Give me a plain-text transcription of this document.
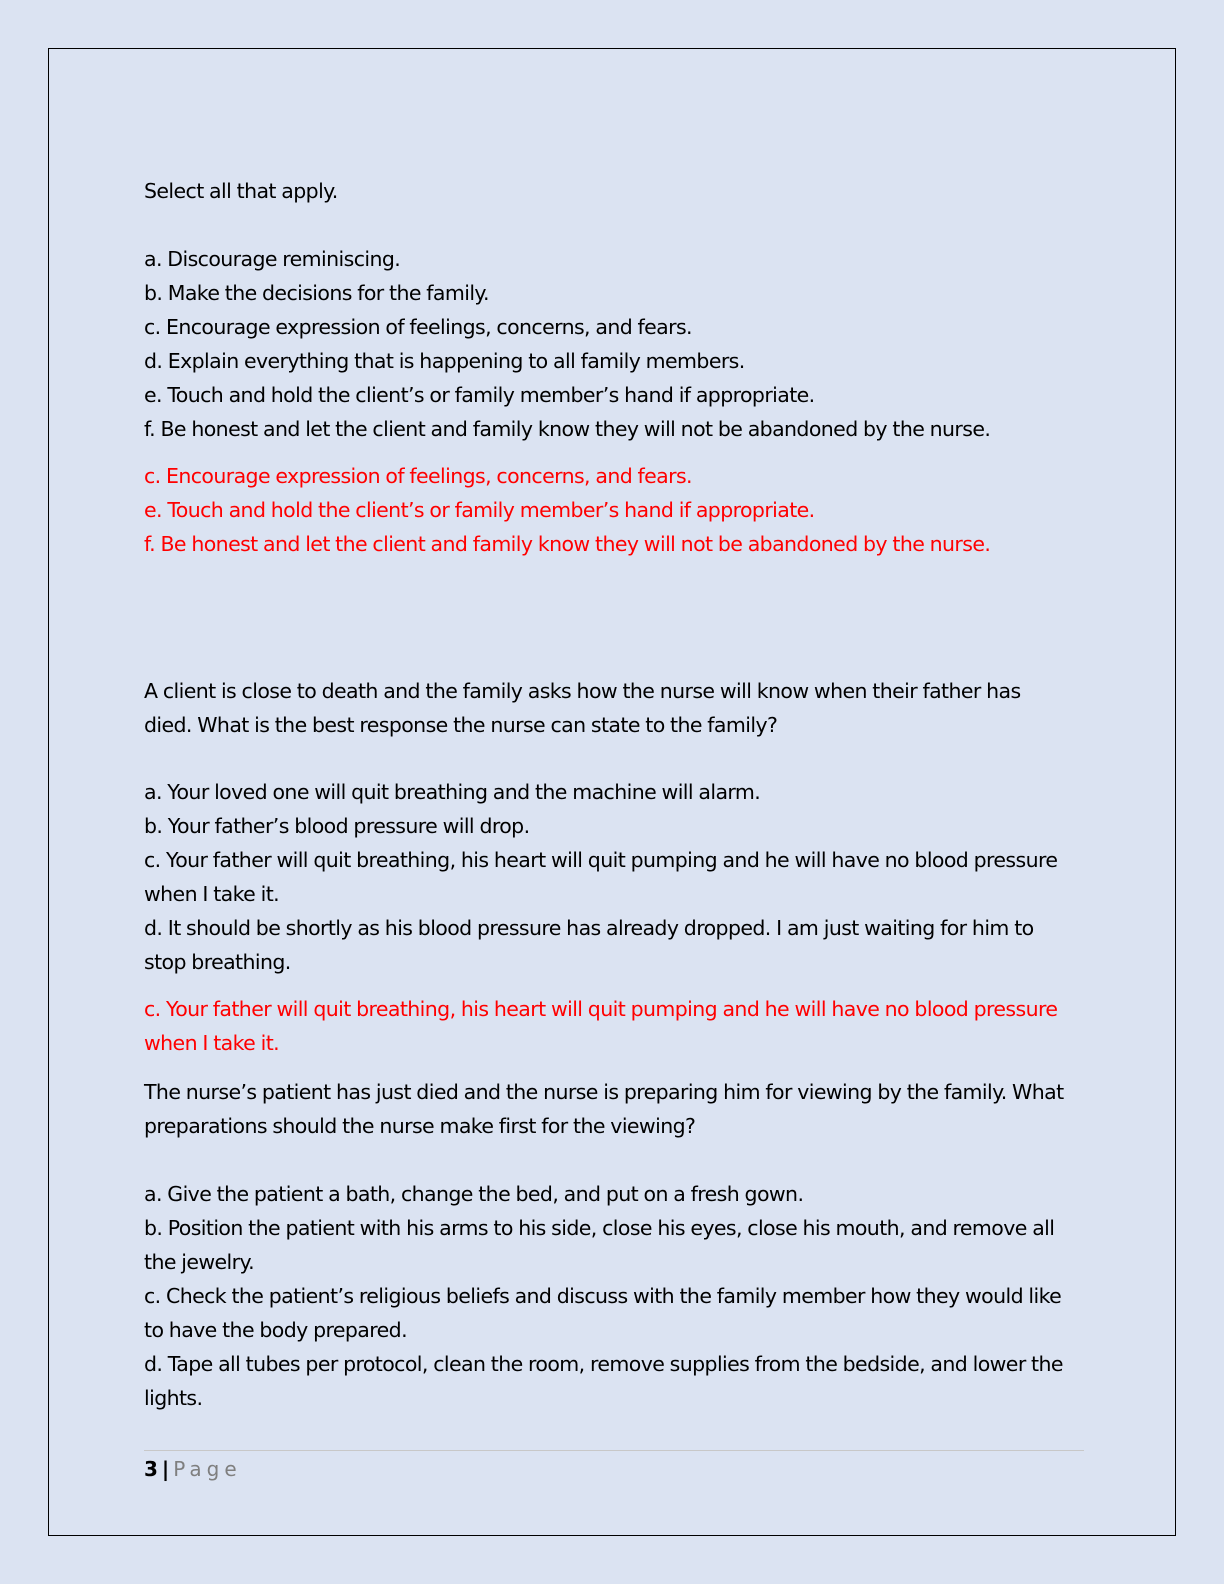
Select all that apply.
a. Discourage reminiscing.
b. Make the decisions for the family.
c. Encourage expression of feelings, concerns, and fears.
d. Explain everything that is happening to all family members.
e. Touch and hold the client’s or family member’s hand if appropriate.
f. Be honest and let the client and family know they will not be abandoned by the nurse.
c. Encourage expression of feelings, concerns, and fears.
e. Touch and hold the client’s or family member’s hand if appropriate.
f. Be honest and let the client and family know they will not be abandoned by the nurse.
A client is close to death and the family asks how the nurse will know when their father has
died. What is the best response the nurse can state to the family?
a. Your loved one will quit breathing and the machine will alarm.
b. Your father’s blood pressure will drop.
c. Your father will quit breathing, his heart will quit pumping and he will have no blood pressure
when I take it.
d. It should be shortly as his blood pressure has already dropped. I am just waiting for him to
stop breathing.
c. Your father will quit breathing, his heart will quit pumping and he will have no blood pressure
when I take it.
The nurse’s patient has just died and the nurse is preparing him for viewing by the family. What
preparations should the nurse make first for the viewing?
a. Give the patient a bath, change the bed, and put on a fresh gown.
b. Position the patient with his arms to his side, close his eyes, close his mouth, and remove all
the jewelry.
c. Check the patient’s religious beliefs and discuss with the family member how they would like
to have the body prepared.
d. Tape all tubes per protocol, clean the room, remove supplies from the bedside, and lower the
lights.
3 | Page
